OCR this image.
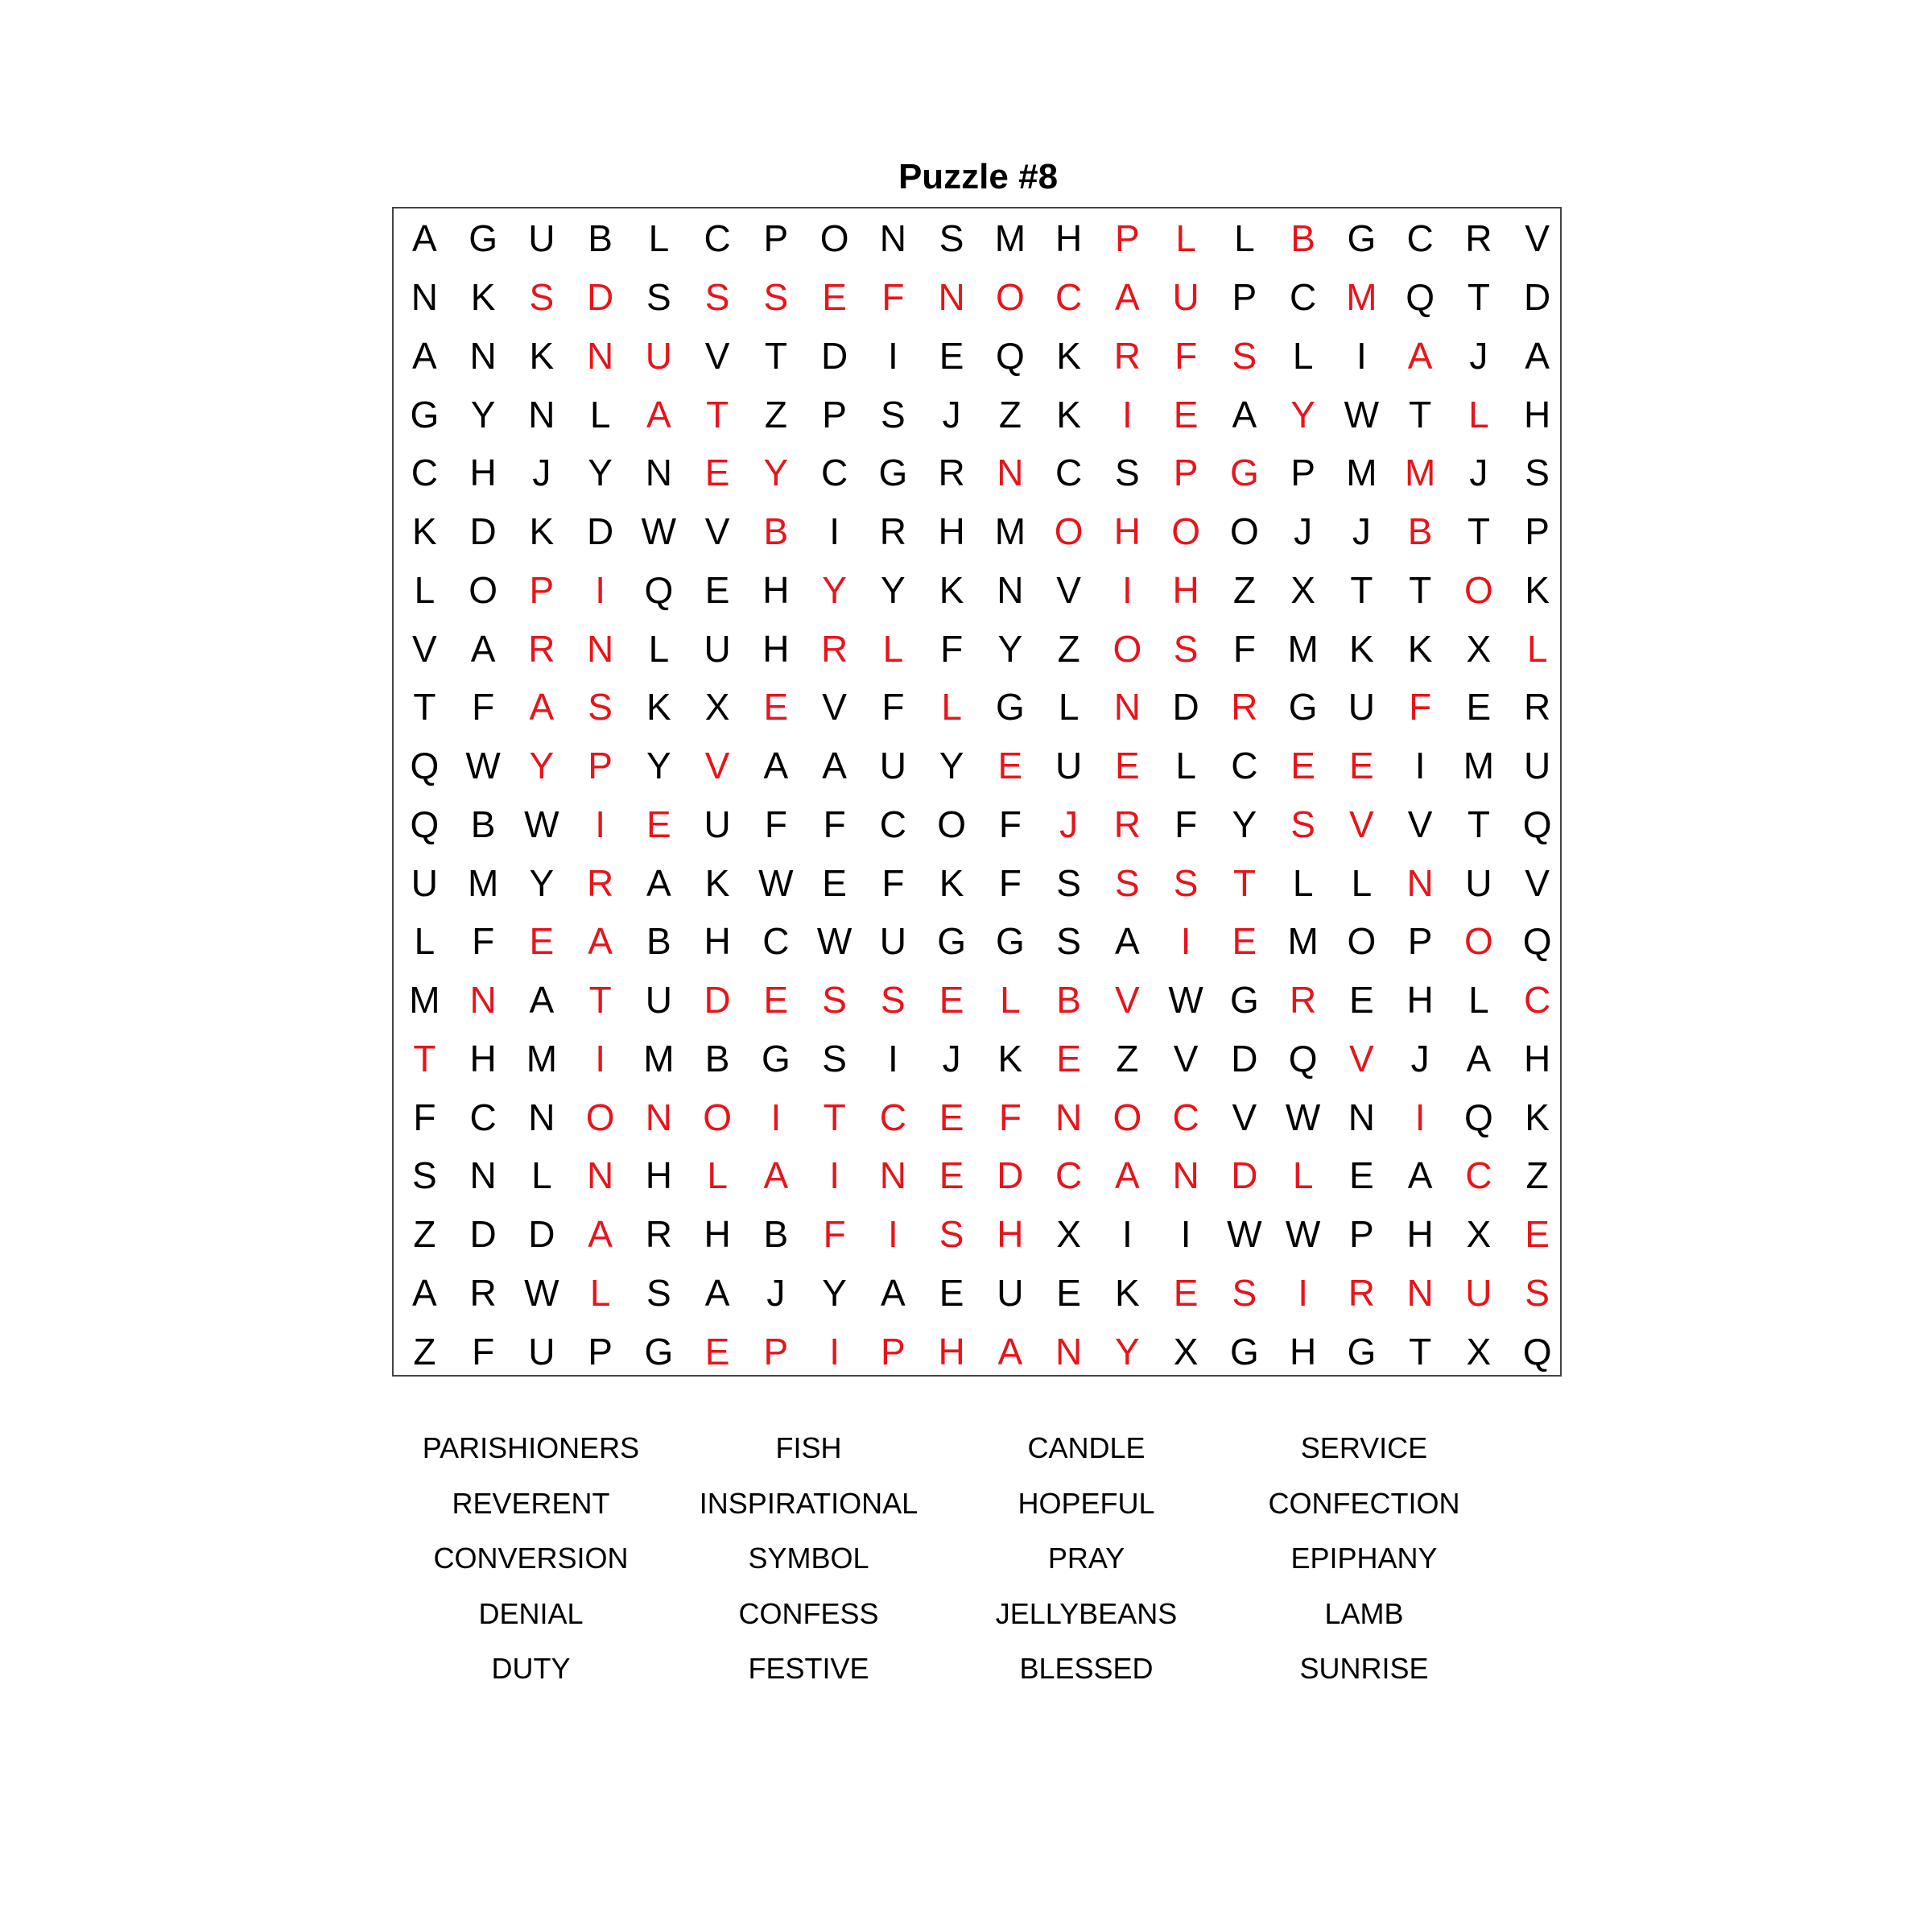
Puzzle #8
A G U B L C P O N S M H P L	L B G C R V
N K S D S S S E F N O C A U P C M Q T D
A N K N U V T D	I	E Q K R F S L	I	A J A
G Y N L A T Z P S J	Z K	I	E A Y W T L H
C H J Y N E Y C G R N C S P G P M M J S
K D K D W V B	I	R H M O H O O J	J B T P
L O P	I	Q E H Y Y K N V	I	H Z X T T O K
V A R N L U H R L F Y Z O S F M K K X L
T F A S K X E V F L G L N D R G U F E R
Q W Y P Y V A A U Y E U E L C E E	I	M U
Q B W I	E U F F C O F	J R F Y S V V T Q
U M Y R A K W E F K F S S S T L	L N U V
L F E A B H C W U G G S A	I	E M O P O Q
M N A T U D E S S E L B V W G R E H L C
T H M	I	M B G S	I	J K E Z V D Q V J A H
F C N O N O	I	T C E F N O C V W N	I	Q K
S N L N H L A	I	N E D C A N D L E A C Z
Z D D A R H B F	I	S H X	I	I W W P H X E
A R W L S A J Y A E U E K E S	I	R N U S
Z F U P G E P	I	P H A N Y X G H G T X Q
PARISHIONERS	FISH	CANDLE	SERVICE
REVERENT	INSPIRATIONAL	HOPEFUL	CONFECTION
CONVERSION	SYMBOL	PRAY	EPIPHANY
DENIAL	CONFESS	JELLYBEANS	LAMB
DUTY	FESTIVE	BLESSED	SUNRISE
